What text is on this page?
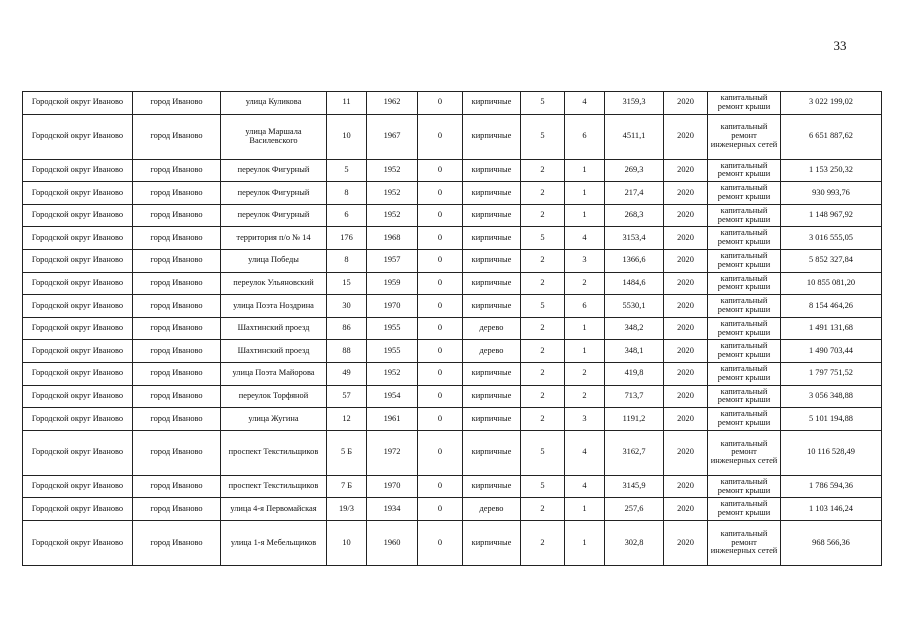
33
Городской округ Иваново	город Иваново	улица Куликова	11	1962	0	кирпичные	5	4	3159,3	2020	капитальный ремонт крыши	3 022 199,02
Городской округ Иваново	город Иваново	улица Маршала Василевского	10	1967	0	кирпичные	5	6	4511,1	2020	капитальный ремонт инженерных сетей	6 651 887,62
Городской округ Иваново	город Иваново	переулок Фигурный	5	1952	0	кирпичные	2	1	269,3	2020	капитальный ремонт крыши	1 153 250,32
Городской округ Иваново	город Иваново	переулок Фигурный	8	1952	0	кирпичные	2	1	217,4	2020	капитальный ремонт крыши	930 993,76
Городской округ Иваново	город Иваново	переулок Фигурный	6	1952	0	кирпичные	2	1	268,3	2020	капитальный ремонт крыши	1 148 967,92
Городской округ Иваново	город Иваново	территория п/о № 14	176	1968	0	кирпичные	5	4	3153,4	2020	капитальный ремонт крыши	3 016 555,05
Городской округ Иваново	город Иваново	улица Победы	8	1957	0	кирпичные	2	3	1366,6	2020	капитальный ремонт крыши	5 852 327,84
Городской округ Иваново	город Иваново	переулок Ульяновский	15	1959	0	кирпичные	2	2	1484,6	2020	капитальный ремонт крыши	10 855 081,20
Городской округ Иваново	город Иваново	улица Поэта Ноздрина	30	1970	0	кирпичные	5	6	5530,1	2020	капитальный ремонт крыши	8 154 464,26
Городской округ Иваново	город Иваново	Шахтинский проезд	86	1955	0	дерево	2	1	348,2	2020	капитальный ремонт крыши	1 491 131,68
Городской округ Иваново	город Иваново	Шахтинский проезд	88	1955	0	дерево	2	1	348,1	2020	капитальный ремонт крыши	1 490 703,44
Городской округ Иваново	город Иваново	улица Поэта Майорова	49	1952	0	кирпичные	2	2	419,8	2020	капитальный ремонт крыши	1 797 751,52
Городской округ Иваново	город Иваново	переулок Торфяной	57	1954	0	кирпичные	2	2	713,7	2020	капитальный ремонт крыши	3 056 348,88
Городской округ Иваново	город Иваново	улица Жугина	12	1961	0	кирпичные	2	3	1191,2	2020	капитальный ремонт крыши	5 101 194,88
Городской округ Иваново	город Иваново	проспект Текстильщиков	5 Б	1972	0	кирпичные	5	4	3162,7	2020	капитальный ремонт инженерных сетей	10 116 528,49
Городской округ Иваново	город Иваново	проспект Текстильщиков	7 Б	1970	0	кирпичные	5	4	3145,9	2020	капитальный ремонт крыши	1 786 594,36
Городской округ Иваново	город Иваново	улица 4-я Первомайская	19/3	1934	0	дерево	2	1	257,6	2020	капитальный ремонт крыши	1 103 146,24
Городской округ Иваново	город Иваново	улица 1-я Мебельщиков	10	1960	0	кирпичные	2	1	302,8	2020	капитальный ремонт инженерных сетей	968 566,36
